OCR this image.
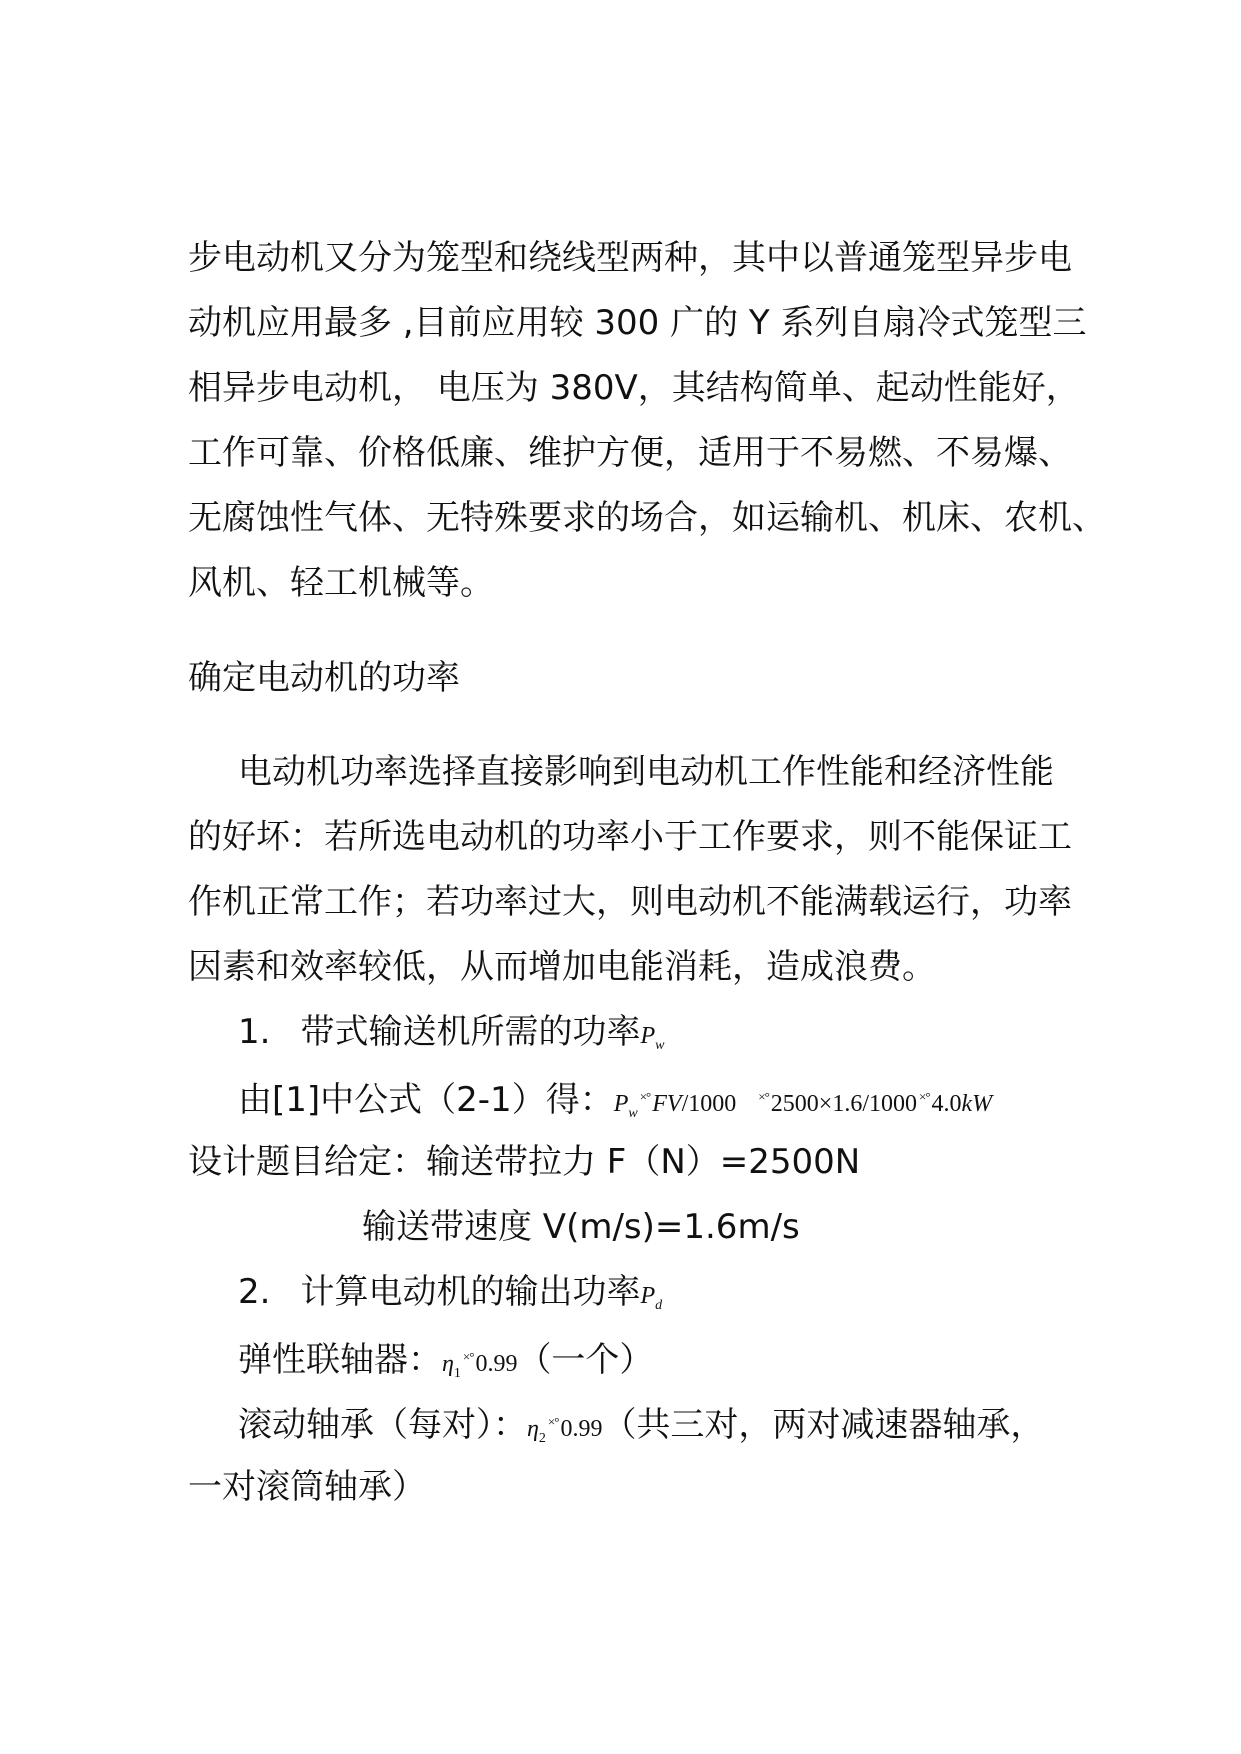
步电动机又分为笼型和绕线型两种，其中以普通笼型异步电

动机应用最多 ,目前应用较 300 广的 Y 系列自扇冷式笼型三

相异步电动机， 电压为 380V，其结构简单、起动性能好，

工作可靠、价格低廉、维护方便，适用于不易燃、不易爆、

无腐蚀性气体、无特殊要求的场合，如运输机、机床、农机、

风机、轻工机械等。

确定电动机的功率

电动机功率选择直接影响到电动机工作性能和经济性能

的好坏：若所选电动机的功率小于工作要求，则不能保证工

作机正常工作；若功率过大，则电动机不能满载运行，功率

因素和效率较低，从而增加电能消耗，造成浪费。

1. 带式输送机所需的功率$P_w$

由[1]中公式（2-1）得：$P_w^{\times^\circ}FV/1000$ ×°2500×1.6/1000 ×°4.0kW

设计题目给定：输送带拉力 F（N）=2500N

输送带速度 V(m/s)=1.6m/s

2. 计算电动机的输出功率$P_d$

弹性联轴器：$\eta_1^{\times^\circ}0.99$（一个）

滚动轴承（每对）：$\eta_2^{\times^\circ}0.99$（共三对，两对减速器轴承，

一对滚筒轴承）
